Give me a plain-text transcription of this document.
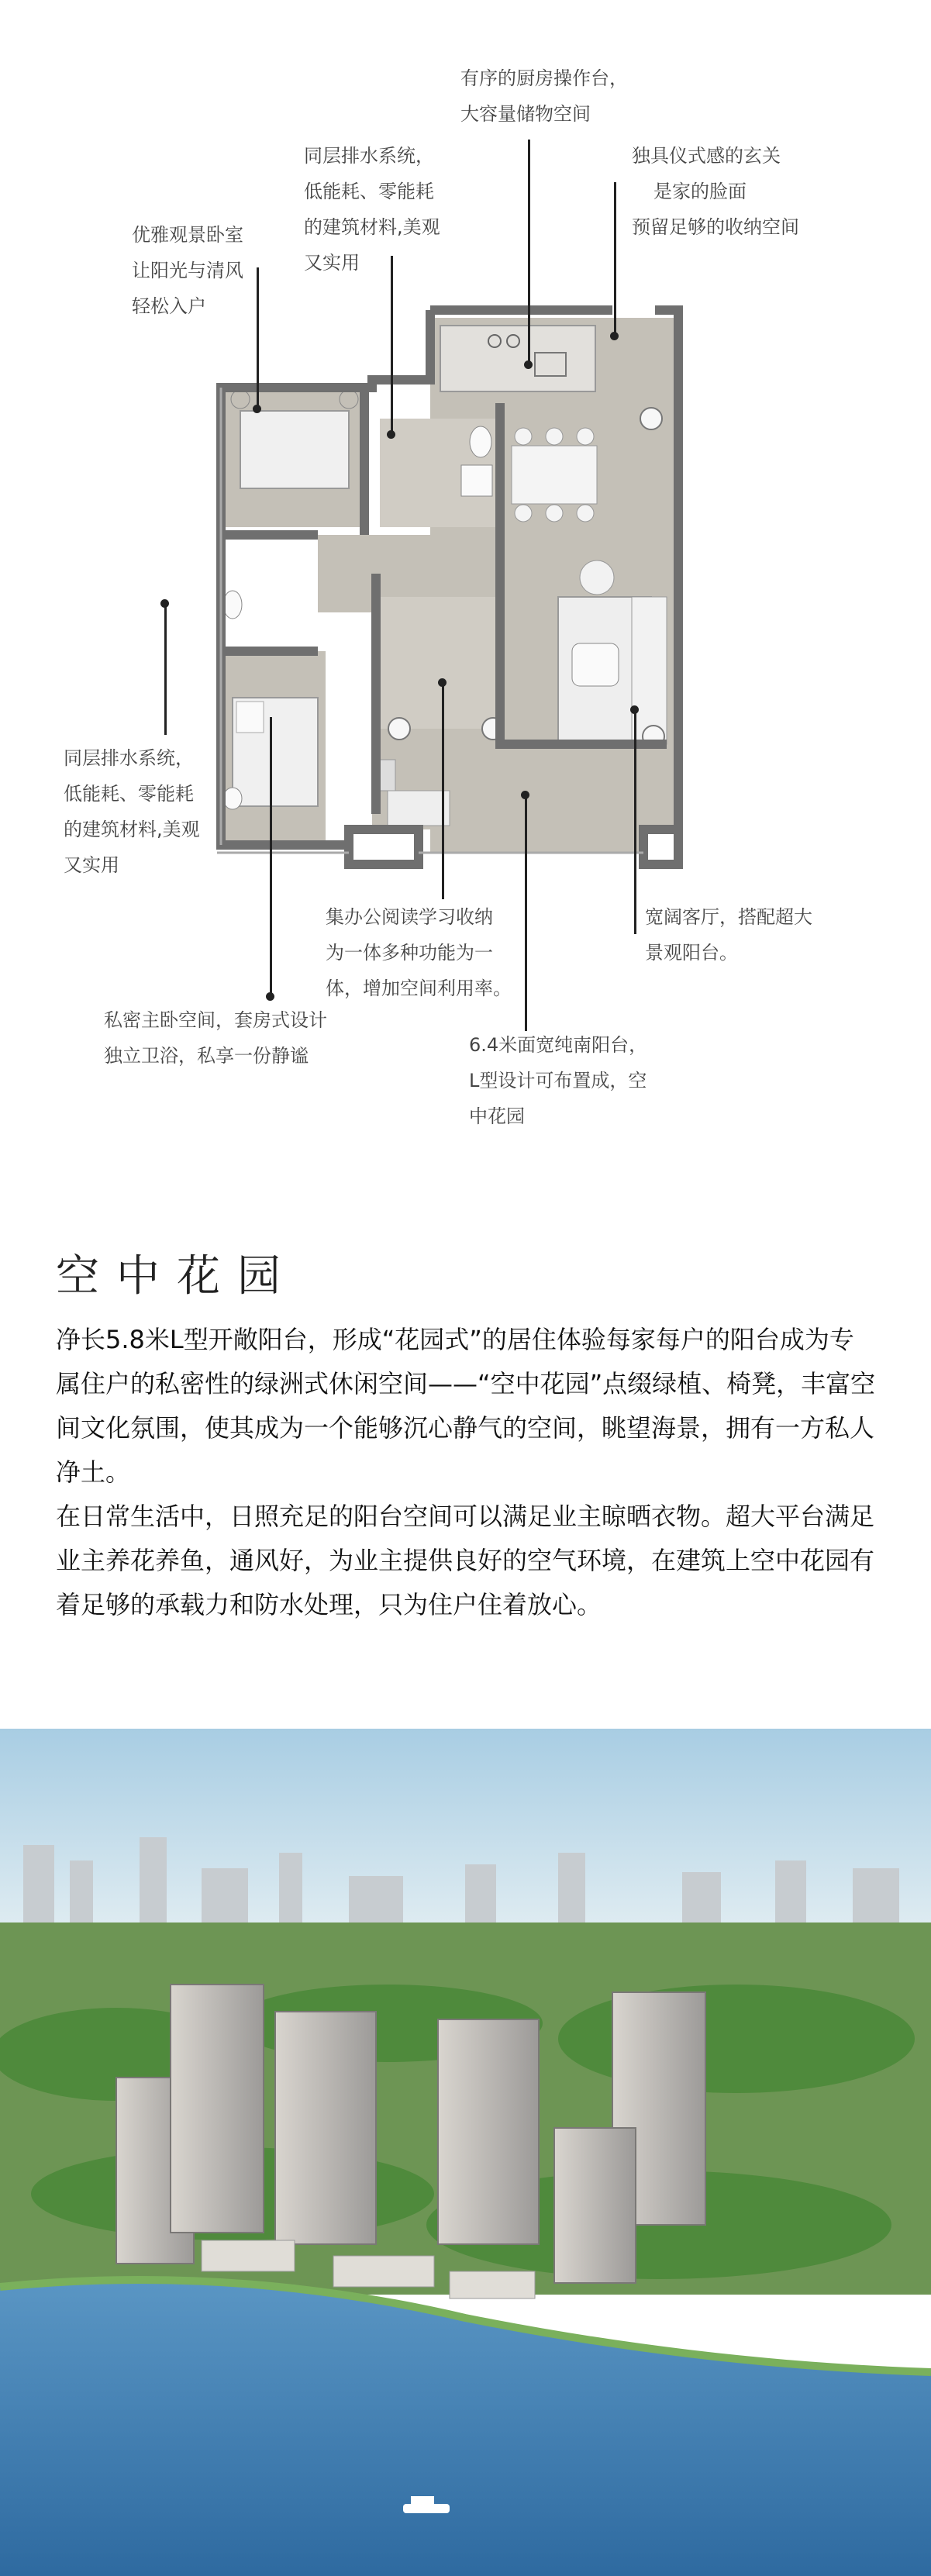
有序的厨房操作台，
大容量储物空间
同层排水系统，
低能耗、零能耗
的建筑材料,美观
又实用
独具仪式感的玄关
是家的脸面
预留足够的收纳空间
优雅观景卧室
让阳光与清风
轻松入户
同层排水系统，
低能耗、零能耗
的建筑材料,美观
又实用
集办公阅读学习收纳
为一体多种功能为一
体，增加空间利用率。
宽阔客厅，搭配超大
景观阳台。
私密主卧空间，套房式设计
独立卫浴，私享一份静谧	6.4米面宽纯南阳台，
L型设计可布置成，空
中花园
空中花园

净长5.8米L型开敞阳台，形成“花园式”的居住体验每家每户的阳台成为专属住户的私密性的绿洲式休闲空间——“空中花园”点缀绿植、椅凳，丰富空间文化氛围，使其成为一个能够沉心静气的空间，眺望海景，拥有一方私人净土。

在日常生活中，日照充足的阳台空间可以满足业主晾晒衣物。超大平台满足业主养花养鱼，通风好，为业主提供良好的空气环境，在建筑上空中花园有着足够的承载力和防水处理，只为住户住着放心。
